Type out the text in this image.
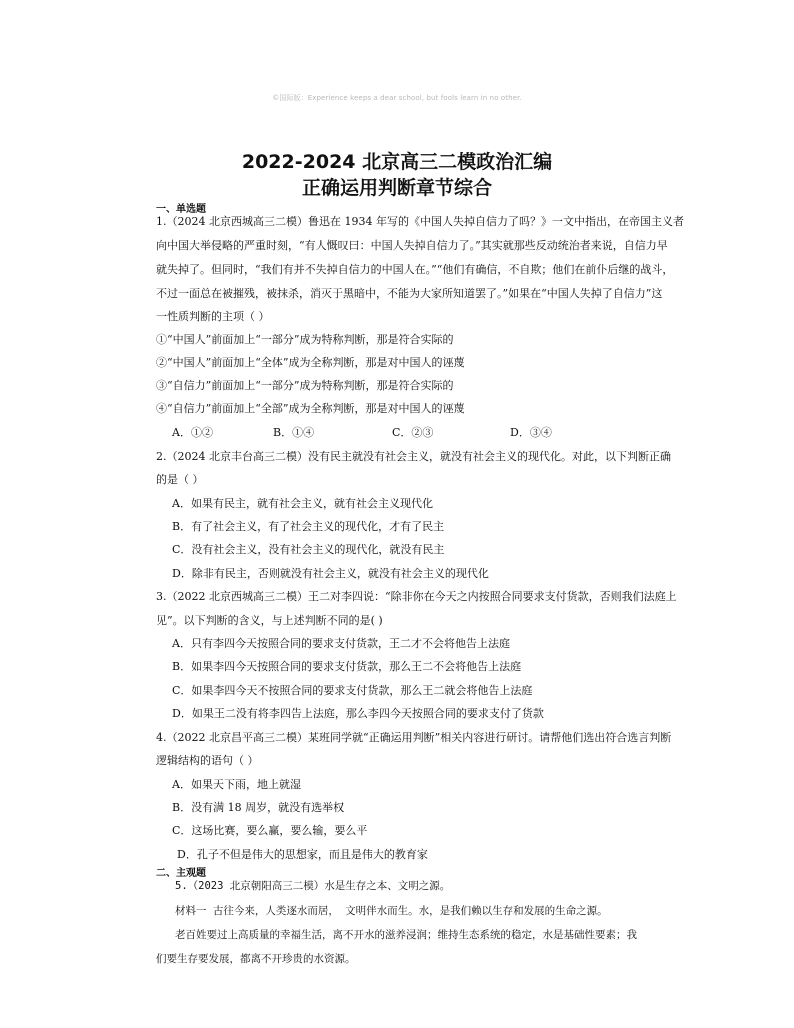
©国际版：Experience keeps a dear school, but fools learn in no other.
2022-2024 北京高三二模政治汇编
正确运用判断章节综合
一、单选题
1.（2024 北京西城高三二模）鲁迅在 1934 年写的《中国人失掉自信力了吗？》一文中指出，在帝国主义者
向中国大举侵略的严重时刻，“有人慨叹曰：中国人失掉自信力了。”其实就那些反动统治者来说，自信力早
就失掉了。但同时，“我们有并不失掉自信力的中国人在。”“他们有确信，不自欺；他们在前仆后继的战斗，
不过一面总在被摧残，被抹杀，消灭于黑暗中，不能为大家所知道罢了。”如果在“中国人失掉了自信力”这
一性质判断的主项（ ）
①“中国人”前面加上“一部分”成为特称判断，那是符合实际的
②“中国人”前面加上“全体”成为全称判断，那是对中国人的诬蔑
③“自信力”前面加上“一部分”成为特称判断，那是符合实际的
④“自信力”前面加上“全部”成为全称判断，那是对中国人的诬蔑
A．①②	B．①④	C．②③	D．③④
2.（2024 北京丰台高三二模）没有民主就没有社会主义，就没有社会主义的现代化。对此，以下判断正确
的是（ ）
A．如果有民主，就有社会主义，就有社会主义现代化
B．有了社会主义，有了社会主义的现代化，才有了民主
C．没有社会主义，没有社会主义的现代化，就没有民主
D．除非有民主，否则就没有社会主义，就没有社会主义的现代化
3.（2022 北京西城高三二模）王二对李四说：“除非你在今天之内按照合同要求支付货款，否则我们法庭上
见”。以下判断的含义，与上述判断不同的是( )
A．只有李四今天按照合同的要求支付货款，王二才不会将他告上法庭
B．如果李四今天按照合同的要求支付货款，那么王二不会将他告上法庭
C．如果李四今天不按照合同的要求支付货款，那么王二就会将他告上法庭
D．如果王二没有将李四告上法庭，那么李四今天按照合同的要求支付了货款
4.（2022 北京昌平高三二模）某班同学就“正确运用判断”相关内容进行研讨。请帮他们选出符合选言判断
逻辑结构的语句（ ）
A．如果天下雨，地上就湿
B．没有满 18 周岁，就没有选举权
C．这场比赛，要么赢，要么输，要么平
D．孔子不但是伟大的思想家，而且是伟大的教育家
二、主观题
5.（2023 北京朝阳高三二模）水是生存之本、文明之源。
材料一 古往今来，人类逐水而居， 文明伴水而生。水，是我们赖以生存和发展的生命之源。
老百姓要过上高质量的幸福生活，离不开水的滋养浸润；维持生态系统的稳定，水是基础性要素；我
们要生存要发展，都离不开珍贵的水资源。
